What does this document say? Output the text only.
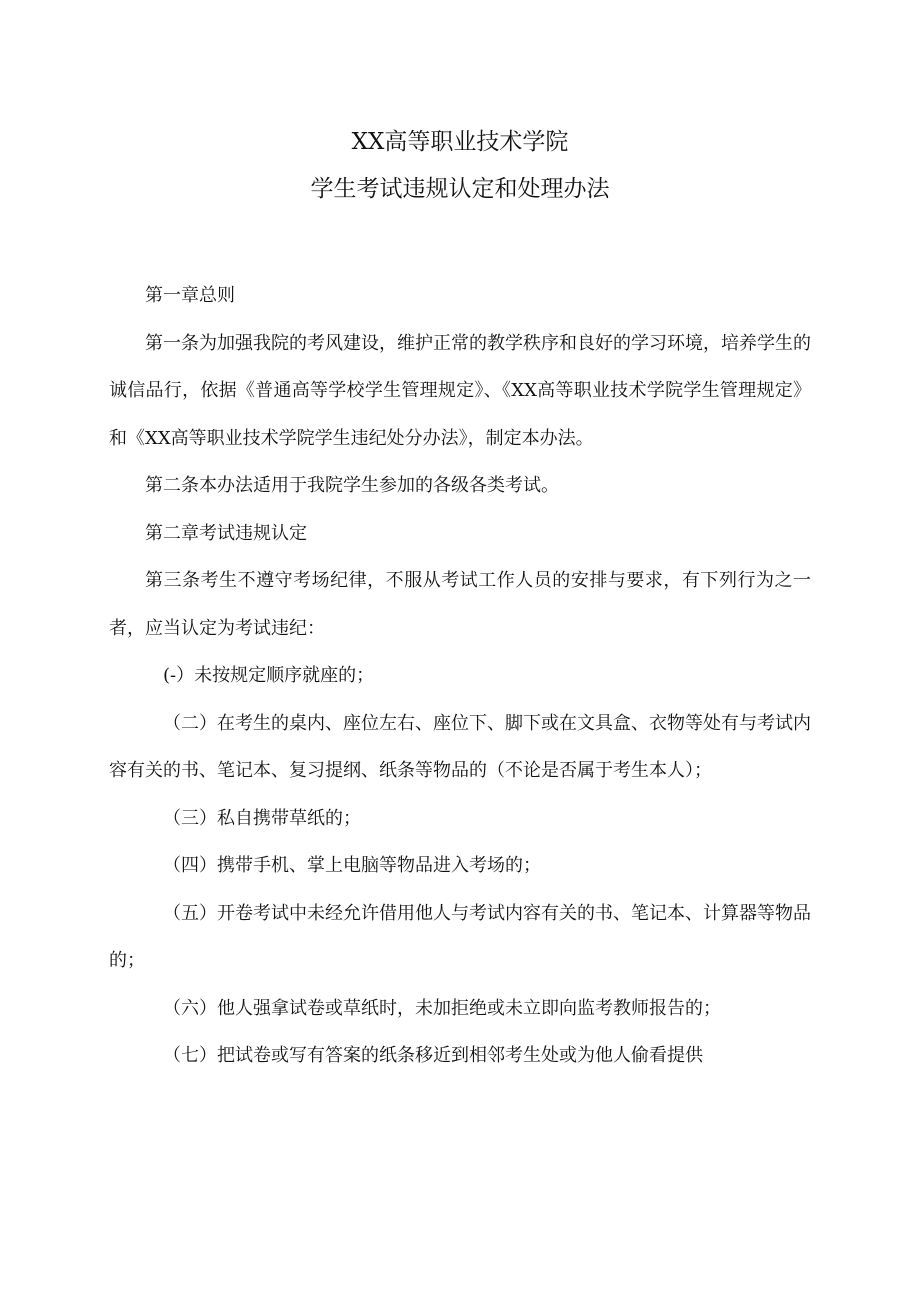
XX高等职业技术学院
学生考试违规认定和处理办法

第一章总则

第一条为加强我院的考风建设，维护正常的教学秩序和良好的学习环境，培养学生的诚信品行，依据《普通高等学校学生管理规定》、《XX高等职业技术学院学生管理规定》和《XX高等职业技术学院学生违纪处分办法》，制定本办法。

第二条本办法适用于我院学生参加的各级各类考试。

第二章考试违规认定

第三条考生不遵守考场纪律，不服从考试工作人员的安排与要求，有下列行为之一者，应当认定为考试违纪：

(-）未按规定顺序就座的；

（二）在考生的桌内、座位左右、座位下、脚下或在文具盒、衣物等处有与考试内容有关的书、笔记本、复习提纲、纸条等物品的（不论是否属于考生本人）；

（三）私自携带草纸的；

（四）携带手机、掌上电脑等物品进入考场的；

（五）开卷考试中未经允许借用他人与考试内容有关的书、笔记本、计算器等物品的；

（六）他人强拿试卷或草纸时，未加拒绝或未立即向监考教师报告的；

（七）把试卷或写有答案的纸条移近到相邻考生处或为他人偷看提供
